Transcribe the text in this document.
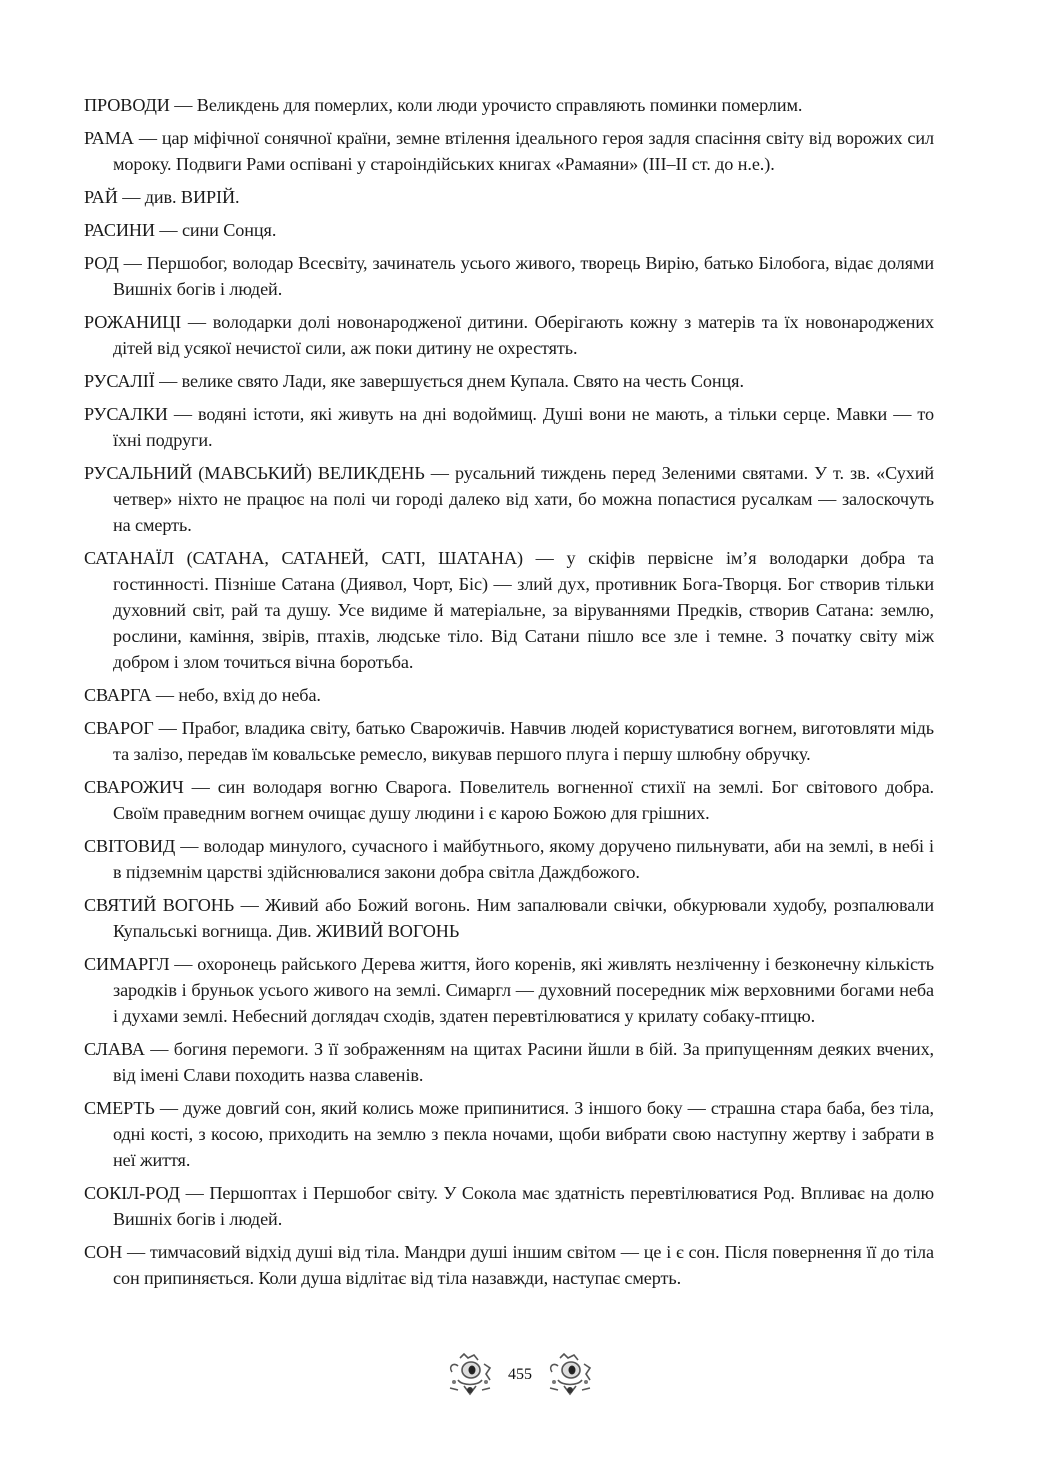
ПРОВОДИ — Великдень для померлих, коли люди урочисто справляють поминки померлим.

РАМА — цар міфічної сонячної країни, земне втілення ідеального героя задля спасіння світу від ворожих сил мороку. Подвиги Рами оспівані у староіндійських книгах «Рамаяни» (III–II ст. до н.е.).

РАЙ — див. ВИРІЙ.

РАСИНИ — сини Сонця.

РОД — Першобог, володар Всесвіту, зачинатель усього живого, творець Вирію, батько Білобога, відає долями Вишніх богів і людей.

РОЖАНИЦІ — володарки долі новонародженої дитини. Оберігають кожну з матерів та їх новонароджених дітей від усякої нечистої сили, аж поки дитину не охрестять.

РУСАЛІЇ — велике свято Лади, яке завершується днем Купала. Свято на честь Сонця.

РУСАЛКИ — водяні істоти, які живуть на дні водоймищ. Душі вони не мають, а тільки серце. Мавки — то їхні подруги.

РУСАЛЬНИЙ (МАВСЬКИЙ) ВЕЛИКДЕНЬ — русальний тиждень перед Зеленими святами. У т. зв. «Сухий четвер» ніхто не працює на полі чи городі далеко від хати, бо можна попастися русалкам — залоскочуть на смерть.

САТАНАЇЛ (САТАНА, САТАНЕЙ, САТІ, ШАТАНА) — у скіфів первісне ім’я володарки добра та гостинності. Пізніше Сатана (Диявол, Чорт, Біс) — злий дух, противник Бога-Творця. Бог створив тільки духовний світ, рай та душу. Усе видиме й матеріальне, за віруваннями Предків, створив Сатана: землю, рослини, каміння, звірів, птахів, людське тіло. Від Сатани пішло все зле і темне. З початку світу між добром і злом точиться вічна боротьба.

СВАРГА — небо, вхід до неба.

СВАРОГ — Прабог, владика світу, батько Сварожичів. Навчив людей користуватися вогнем, виготовляти мідь та залізо, передав їм ковальське ремесло, викував першого плуга і першу шлюбну обручку.

СВАРОЖИЧ — син володаря вогню Сварога. Повелитель вогненної стихії на землі. Бог світового добра. Своїм праведним вогнем очищає душу людини і є карою Божою для грішних.

СВІТОВИД — володар минулого, сучасного і майбутнього, якому доручено пильнувати, аби на землі, в небі і в підземнім царстві здійснювалися закони добра світла Даждбожого.

СВЯТИЙ ВОГОНЬ — Живий або Божий вогонь. Ним запалювали свічки, обкурювали худобу, розпалювали Купальські вогнища. Див. ЖИВИЙ ВОГОНЬ

СИМАРГЛ — охоронець райського Дерева життя, його коренів, які живлять незліченну і безконечну кількість зародків і бруньок усього живого на землі. Симаргл — духовний посередник між верховними богами неба і духами землі. Небесний доглядач сходів, здатен перевтілюватися у крилату собаку-птицю.

СЛАВА — богиня перемоги. З її зображенням на щитах Расини йшли в бій. За припущенням деяких вчених, від імені Слави походить назва славенів.

СМЕРТЬ — дуже довгий сон, який колись може припинитися. З іншого боку — страшна стара баба, без тіла, одні кості, з косою, приходить на землю з пекла ночами, щоби вибрати свою наступну жертву і забрати в неї життя.

СОКІЛ-РОД — Першоптах і Першобог світу. У Сокола має здатність перевтілюватися Род. Впливає на долю Вишніх богів і людей.

СОН — тимчасовий відхід душі від тіла. Мандри душі іншим світом — це і є сон. Після повернення її до тіла сон припиняється. Коли душа відлітає від тіла назавжди, наступає смерть.

455
